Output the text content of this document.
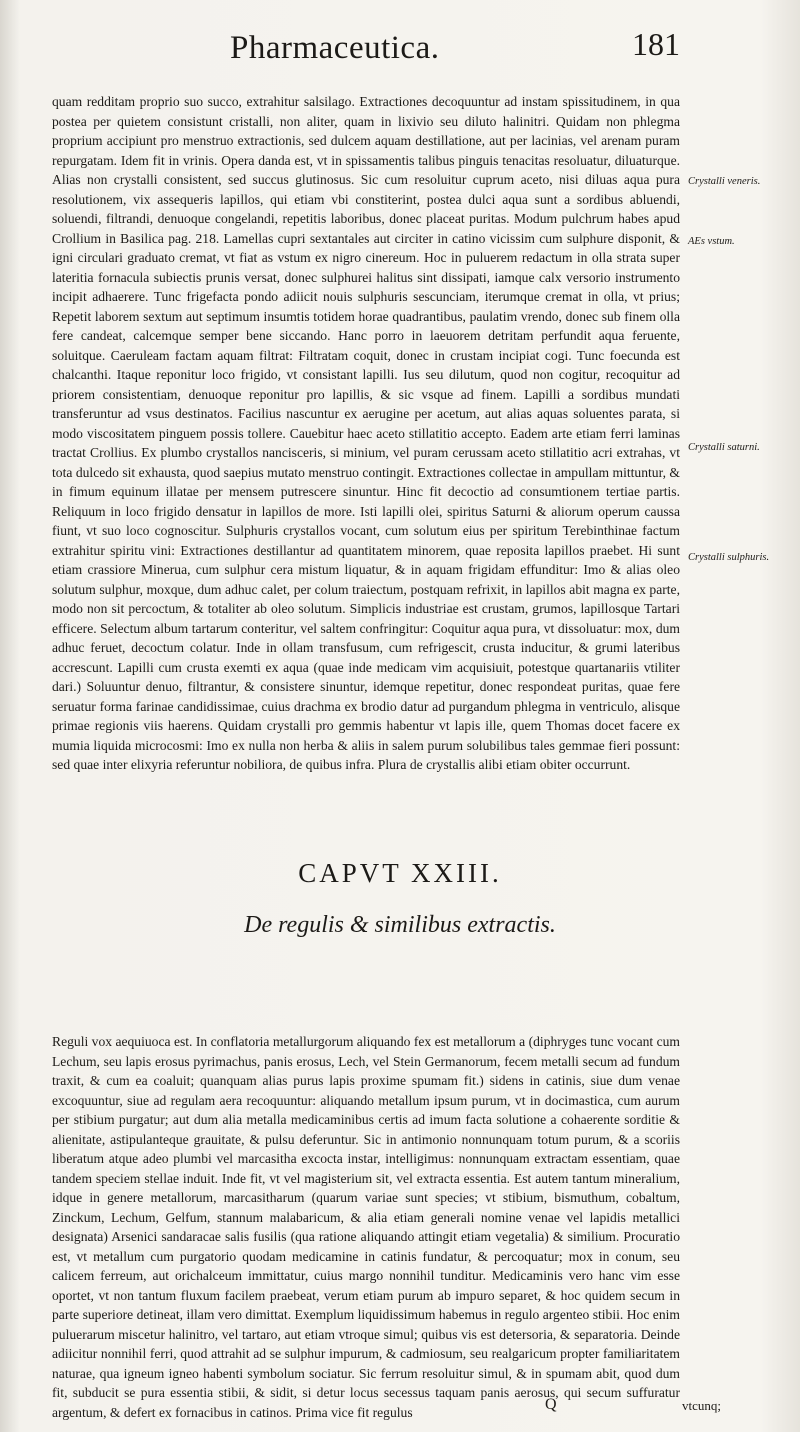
Pharmaceutica.	181
quam redditam proprio suo succo, extrahitur salsilago. Extractiones decoquuntur ad instam spissitudinem, in qua postea per quietem consistunt cristalli, non aliter, quam in lixivio seu diluto halinitri. Quidam non phlegma proprium accipiunt pro menstruo extractionis, sed dulcem aquam destillatione, aut per lacinias, vel arenam puram repurgatam. Idem fit in vrinis. Opera danda est, vt in spissamentis talibus pinguis tenacitas resoluatur, diluaturque. Alias non crystalli consistent, sed succus glutinosus. Sic cum resoluitur cuprum aceto, nisi diluas aqua pura resolutionem, vix assequeris lapillos, qui etiam vbi constiterint, postea dulci aqua sunt a sordibus abluendi, soluendi, filtrandi, denuoque congelandi, repetitis laboribus, donec placeat puritas. Modum pulchrum habes apud Crollium in Basilica pag. 218. Lamellas cupri sextantales aut circiter in catino vicissim cum sulphure disponit, & igni circulari graduato cremat, vt fiat as vstum ex nigro cinereum. Hoc in puluerem redactum in olla strata super lateritia fornacula subiectis prunis versat, donec sulphurei halitus sint dissipati, iamque calx versorio instrumento incipit adhaerere. Tunc frigefacta pondo adiicit nouis sulphuris sescunciam, iterumque cremat in olla, vt prius; Repetit laborem sextum aut septimum insumtis totidem horae quadrantibus, paulatim vrendo, donec sub finem olla fere candeat, calcemque semper bene siccando. Hanc porro in laeuorem detritam perfundit aqua feruente, soluitque. Caeruleam factam aquam filtrat: Filtratam coquit, donec in crustam incipiat cogi. Tunc foecunda est chalcanthi. Itaque reponitur loco frigido, vt consistant lapilli. Ius seu dilutum, quod non cogitur, recoquitur ad priorem consistentiam, denuoque reponitur pro lapillis, & sic vsque ad finem. Lapilli a sordibus mundati transferuntur ad vsus destinatos. Facilius nascuntur ex aerugine per acetum, aut alias aquas soluentes parata, si modo viscositatem pinguem possis tollere. Cauebitur haec aceto stillatitio accepto. Eadem arte etiam ferri laminas tractat Crollius. Ex plumbo crystallos nancisceris, si minium, vel puram cerussam aceto stillatitio acri extrahas, vt tota dulcedo sit exhausta, quod saepius mutato menstruo contingit. Extractiones collectae in ampullam mittuntur, & in fimum equinum illatae per mensem putrescere sinuntur. Hinc fit decoctio ad consumtionem tertiae partis. Reliquum in loco frigido densatur in lapillos de more. Isti lapilli olei, spiritus Saturni & aliorum operum caussa fiunt, vt suo loco cognoscitur. Sulphuris crystallos vocant, cum solutum eius per spiritum Terebinthinae factum extrahitur spiritu vini: Extractiones destillantur ad quantitatem minorem, quae reposita lapillos praebet. Hi sunt etiam crassiore Minerua, cum sulphur cera mistum liquatur, & in aquam frigidam effunditur: Imo & alias oleo solutum sulphur, moxque, dum adhuc calet, per colum traiectum, postquam refrixit, in lapillos abit magna ex parte, modo non sit percoctum, & totaliter ab oleo solutum. Simplicis industriae est crustam, grumos, lapillosque Tartari efficere. Selectum album tartarum conteritur, vel saltem confringitur: Coquitur aqua pura, vt dissoluatur: mox, dum adhuc feruet, decoctum colatur. Inde in ollam transfusum, cum refrigescit, crusta inducitur, & grumi lateribus accrescunt. Lapilli cum crusta exemti ex aqua (quae inde medicam vim acquisiuit, potestque quartanariis vtiliter dari.) Soluuntur denuo, filtrantur, & consistere sinuntur, idemque repetitur, donec respondeat puritas, quae fere seruatur forma farinae candidissimae, cuius drachma ex brodio datur ad purgandum phlegma in ventriculo, alisque primae regionis viis haerens. Quidam crystalli pro gemmis habentur vt lapis ille, quem Thomas docet facere ex mumia liquida microcosmi: Imo ex nulla non herba & aliis in salem purum solubilibus tales gemmae fieri possunt: sed quae inter elixyria referuntur nobiliora, de quibus infra. Plura de crystallis alibi etiam obiter occurrunt.
Crystalli veneris.
AEs vstum.
Crystalli saturni.
Crystalli sulphuris.
CAPVT XXIII.
De regulis & similibus extractis.
Reguli vox aequiuoca est. In conflatoria metallurgorum aliquando fex est metallorum a (diphryges tunc vocant cum Lechum, seu lapis erosus pyrimachus, panis erosus, Lech, vel Stein Germanorum, fecem metalli secum ad fundum traxit, & cum ea coaluit; quanquam alias purus lapis proxime spumam fit.) sidens in catinis, siue dum venae excoquuntur, siue ad regulam aera recoquuntur: aliquando metallum ipsum purum, vt in docimastica, cum aurum per stibium purgatur; aut dum alia metalla medicaminibus certis ad imum facta solutione a cohaerente sorditie & alienitate, astipulanteque grauitate, & pulsu deferuntur. Sic in antimonio nonnunquam totum purum, & a scoriis liberatum atque adeo plumbi vel marcasitha excocta instar, intelligimus: nonnunquam extractam essentiam, quae tandem speciem stellae induit. Inde fit, vt vel magisterium sit, vel extracta essentia. Est autem tantum mineralium, idque in genere metallorum, marcasitharum (quarum variae sunt species; vt stibium, bismuthum, cobaltum, Zinckum, Lechum, Gelfum, stannum malabaricum, & alia etiam generali nomine venae vel lapidis metallici designata) Arsenici sandaracae salis fusilis (qua ratione aliquando attingit etiam vegetalia) & similium. Procuratio est, vt metallum cum purgatorio quodam medicamine in catinis fundatur, & percoquatur; mox in conum, seu calicem ferreum, aut orichalceum immittatur, cuius margo nonnihil tunditur. Medicaminis vero hanc vim esse oportet, vt non tantum fluxum facilem praebeat, verum etiam purum ab impuro separet, & hoc quidem secum in parte superiore detineat, illam vero dimittat. Exemplum liquidissimum habemus in regulo argenteo stibii. Hoc enim puluerarum miscetur halinitro, vel tartaro, aut etiam vtroque simul; quibus vis est detersoria, & separatoria. Deinde adiicitur nonnihil ferri, quod attrahit ad se sulphur impurum, & cadmiosum, seu realgaricum propter familiaritatem naturae, qua igneum igneo habenti symbolum sociatur. Sic ferrum resoluitur simul, & in spumam abit, quod dum fit, subducit se pura essentia stibii, & sidit, si detur locus secessus taquam panis aerosus, qui secum suffuratur argentum, & defert ex fornacibus in catinos. Prima vice fit regulus	Q	vtcunq;
